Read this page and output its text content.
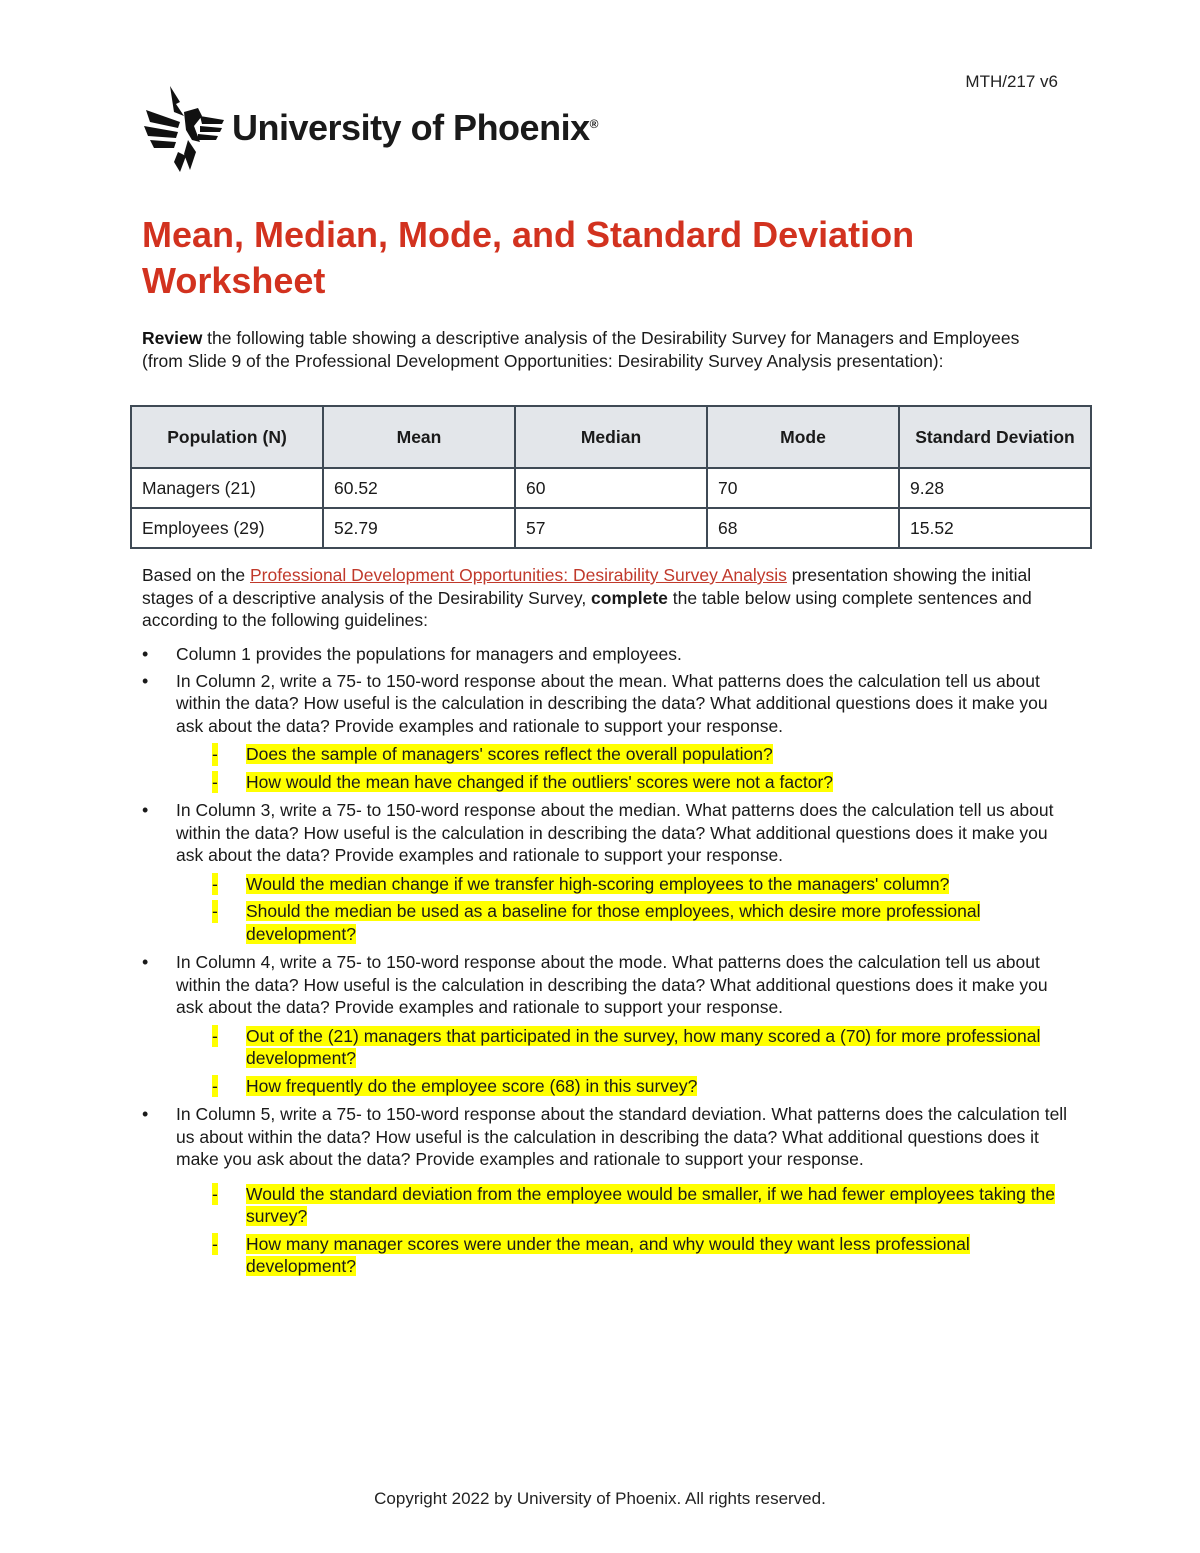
MTH/217 v6
University of Phoenix®
Mean, Median, Mode, and Standard Deviation Worksheet

Review the following table showing a descriptive analysis of the Desirability Survey for Managers and Employees (from Slide 9 of the Professional Development Opportunities: Desirability Survey Analysis presentation):

Population (N)	Mean	Median	Mode	Standard Deviation
Managers (21)	60.52	60	70	9.28
Employees (29)	52.79	57	68	15.52

Based on the Professional Development Opportunities: Desirability Survey Analysis presentation showing the initial stages of a descriptive analysis of the Desirability Survey, complete the table below using complete sentences and according to the following guidelines:

• Column 1 provides the populations for managers and employees.
• In Column 2, write a 75- to 150-word response about the mean. What patterns does the calculation tell us about within the data? How useful is the calculation in describing the data? What additional questions does it make you ask about the data? Provide examples and rationale to support your response.
- Does the sample of managers' scores reflect the overall population?
- How would the mean have changed if the outliers' scores were not a factor?
• In Column 3, write a 75- to 150-word response about the median. What patterns does the calculation tell us about within the data? How useful is the calculation in describing the data? What additional questions does it make you ask about the data? Provide examples and rationale to support your response.
- Would the median change if we transfer high-scoring employees to the managers' column?
- Should the median be used as a baseline for those employees, which desire more professional development?
• In Column 4, write a 75- to 150-word response about the mode. What patterns does the calculation tell us about within the data? How useful is the calculation in describing the data? What additional questions does it make you ask about the data? Provide examples and rationale to support your response.
- Out of the (21) managers that participated in the survey, how many scored a (70) for more professional development?
- How frequently do the employee score (68) in this survey?
• In Column 5, write a 75- to 150-word response about the standard deviation. What patterns does the calculation tell us about within the data? How useful is the calculation in describing the data? What additional questions does it make you ask about the data? Provide examples and rationale to support your response.
- Would the standard deviation from the employee would be smaller, if we had fewer employees taking the survey?
- How many manager scores were under the mean, and why would they want less professional development?
Copyright 2022 by University of Phoenix. All rights reserved.
